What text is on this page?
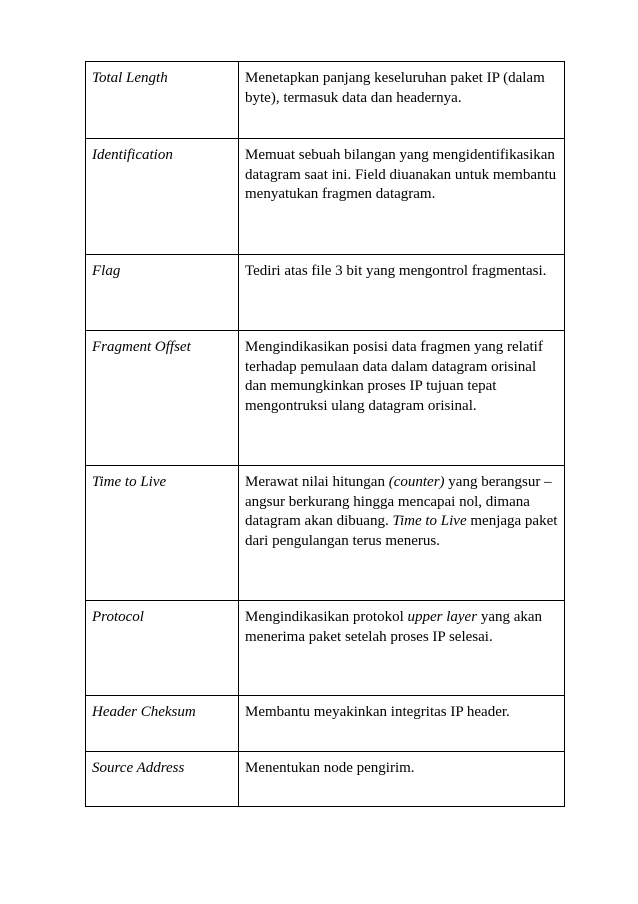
Total Length	Menetapkan panjang keseluruhan paket IP (dalam byte), termasuk data dan headernya.
Identification	Memuat sebuah bilangan yang mengidentifikasikan datagram saat ini. Field diuanakan untuk membantu menyatukan fragmen datagram.
Flag	Tediri atas file 3 bit yang mengontrol fragmentasi.
Fragment Offset	Mengindikasikan posisi data fragmen yang relatif terhadap pemulaan data dalam datagram orisinal dan memungkinkan proses IP tujuan tepat mengontruksi ulang datagram orisinal.
Time to Live	Merawat nilai hitungan (counter) yang berangsur – angsur berkurang hingga mencapai nol, dimana datagram akan dibuang. Time to Live menjaga paket dari pengulangan terus menerus.
Protocol	Mengindikasikan protokol upper layer yang akan menerima paket setelah proses IP selesai.
Header Cheksum	Membantu meyakinkan integritas IP header.
Source Address	Menentukan node pengirim.
